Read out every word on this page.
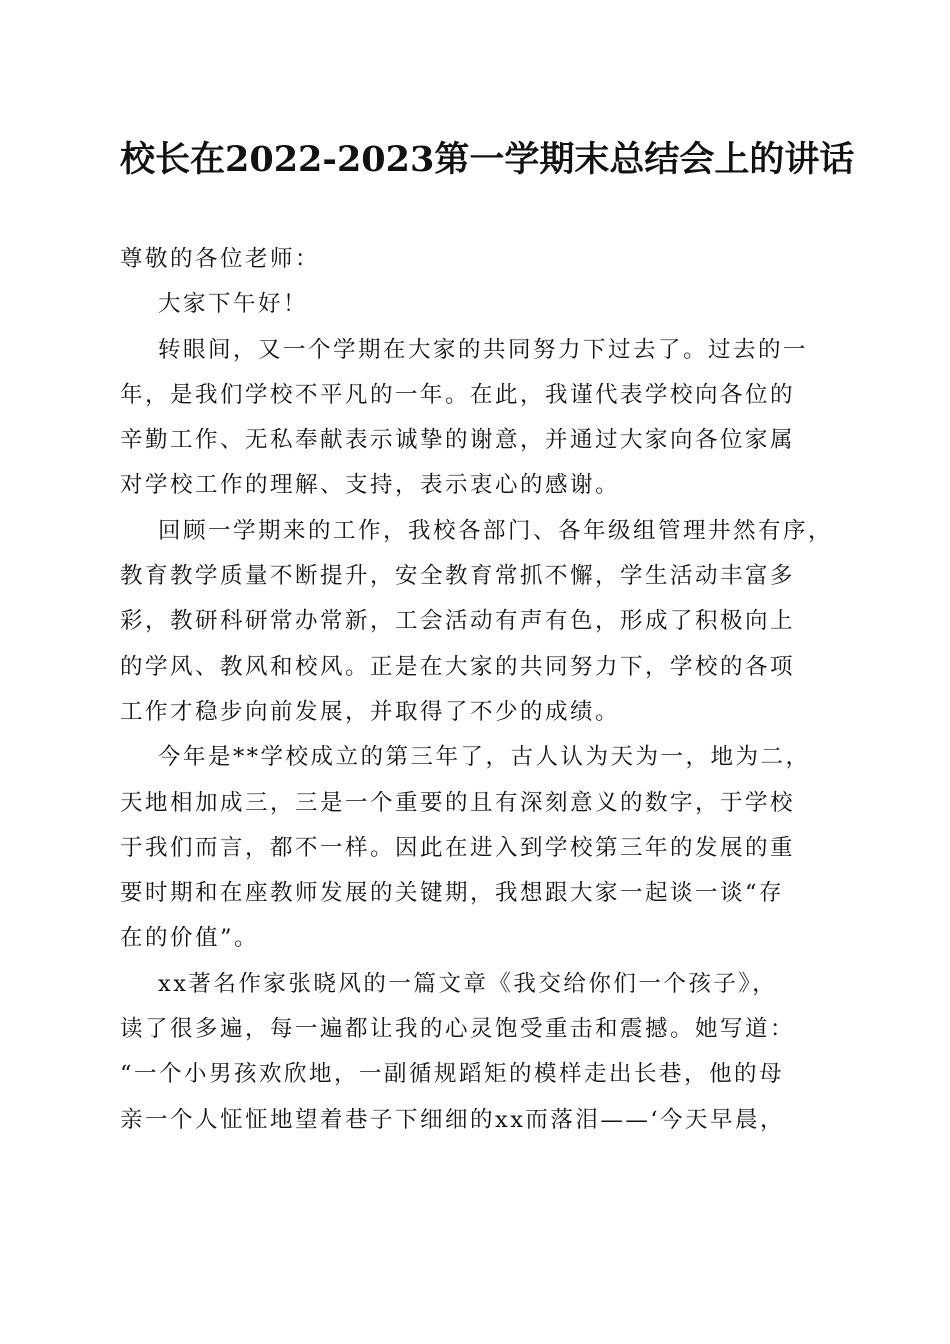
校长在2022-2023第一学期末总结会上的讲话
尊敬的各位老师：
大家下午好！
转眼间，又一个学期在大家的共同努力下过去了。过去的一
年，是我们学校不平凡的一年。在此，我谨代表学校向各位的
辛勤工作、无私奉献表示诚挚的谢意，并通过大家向各位家属
对学校工作的理解、支持，表示衷心的感谢。
回顾一学期来的工作，我校各部门、各年级组管理井然有序，
教育教学质量不断提升，安全教育常抓不懈，学生活动丰富多
彩，教研科研常办常新，工会活动有声有色，形成了积极向上
的学风、教风和校风。正是在大家的共同努力下，学校的各项
工作才稳步向前发展，并取得了不少的成绩。
今年是**学校成立的第三年了，古人认为天为一，地为二，
天地相加成三，三是一个重要的且有深刻意义的数字，于学校
于我们而言，都不一样。因此在进入到学校第三年的发展的重
要时期和在座教师发展的关键期，我想跟大家一起谈一谈“存
在的价值”。
xx著名作家张晓风的一篇文章《我交给你们一个孩子》，
读了很多遍，每一遍都让我的心灵饱受重击和震撼。她写道：
“一个小男孩欢欣地，一副循规蹈矩的模样走出长巷，他的母
亲一个人怔怔地望着巷子下细细的xx而落泪——‘今天早晨，
